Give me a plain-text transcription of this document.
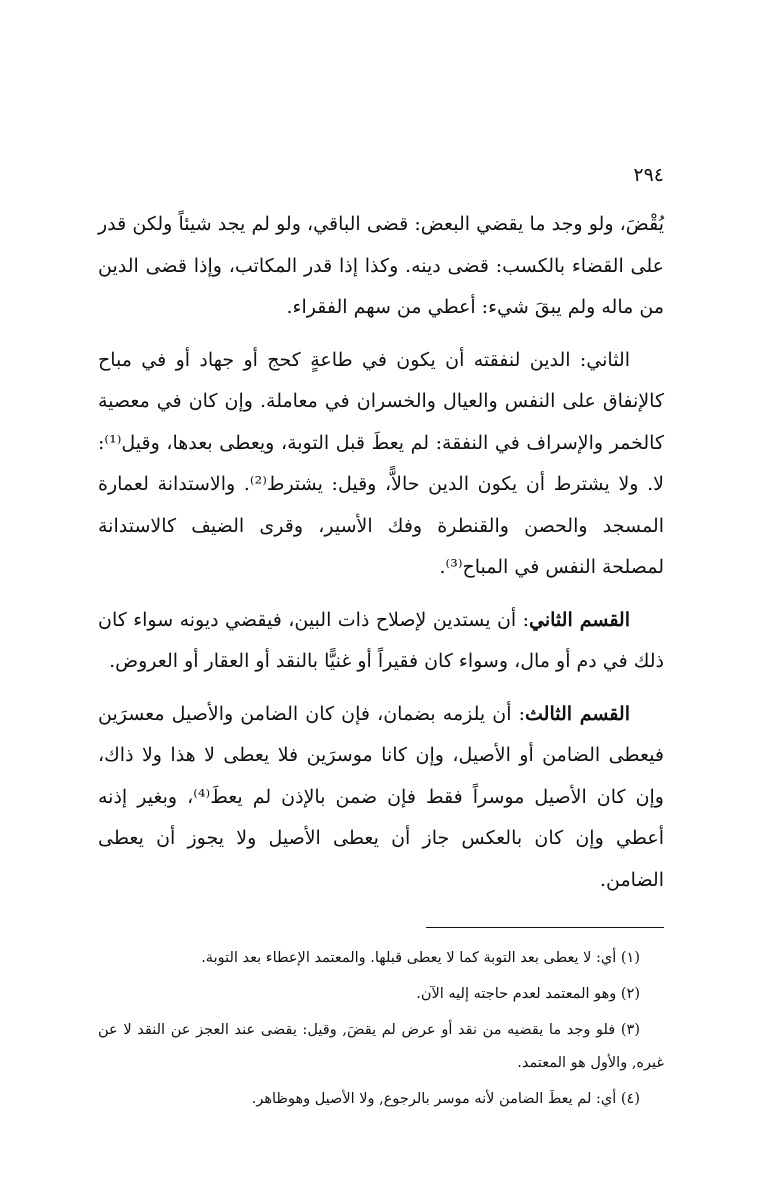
٢٩٤

يُقْضَ، ولو وجد ما يقضي البعض: قضى الباقي، ولو لم يجد شيئاً ولكن قدر على القضاء بالكسب: قضى دينه. وكذا إذا قدر المكاتب، وإذا قضى الدين من ماله ولم يبقَ شيء: أعطي من سهم الفقراء.

الثاني: الدين لنفقته أن يكون في طاعةٍ كحج أو جهاد أو في مباح كالإنفاق على النفس والعيال والخسران في معاملة. وإن كان في معصية كالخمر والإسراف في النفقة: لم يعطَ قبل التوبة، ويعطى بعدها، وقيل⁽¹⁾: لا. ولا يشترط أن يكون الدين حالاًّ، وقيل: يشترط⁽²⁾. والاستدانة لعمارة المسجد والحصن والقنطرة وفك الأسير، وقرى الضيف كالاستدانة لمصلحة النفس في المباح⁽³⁾.

القسم الثاني: أن يستدين لإصلاح ذات البين، فيقضي ديونه سواء كان ذلك في دم أو مال، وسواء كان فقيراً أو غنيًّا بالنقد أو العقار أو العروض.

القسم الثالث: أن يلزمه بضمان، فإن كان الضامن والأصيل معسرَين فيعطى الضامن أو الأصيل، وإن كانا موسرَين فلا يعطى لا هذا ولا ذاك، وإن كان الأصيل موسراً فقط فإن ضمن بالإذن لم يعطَ⁽⁴⁾، وبغير إذنه أعطي وإن كان بالعكس جاز أن يعطى الأصيل ولا يجوز أن يعطى الضامن.

(١) أي: لا يعطى بعد التوبة كما لا يعطى قبلها. والمعتمد الإعطاء بعد التوبة.

(٢) وهو المعتمد لعدم حاجته إليه الآن.

(٣) فلو وجد ما يقضيه من نقد أو عرض لم يقضَ, وقيل: يقضى عند العجز عن النقد لا عن غيره, والأول هو المعتمد.

(٤) أي: لم يعطَ الضامن لأنه موسر بالرجوع, ولا الأصيل وهوظاهر.
